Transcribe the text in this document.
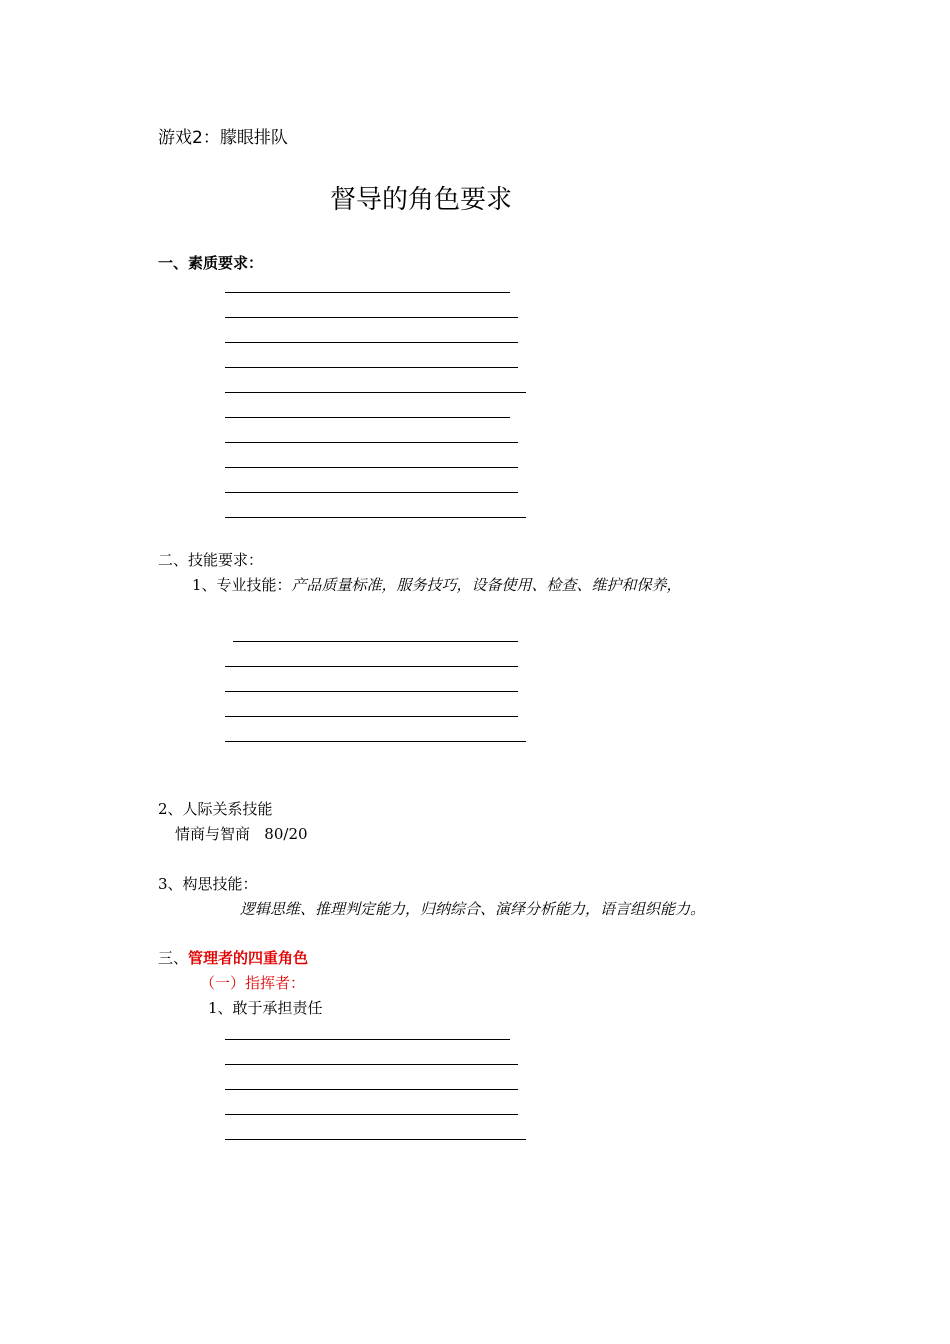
游戏2：朦眼排队
督导的角色要求
一、素质要求：
二、技能要求：
1、专业技能：产品质量标准，服务技巧，设备使用、检查、维护和保养，
2、人际关系技能
情商与智商   80/20
3、构思技能：
逻辑思维、推理判定能力，归纳综合、演绎分析能力，语言组织能力。
三、管理者的四重角色
（一）指挥者：
1、敢于承担责任
